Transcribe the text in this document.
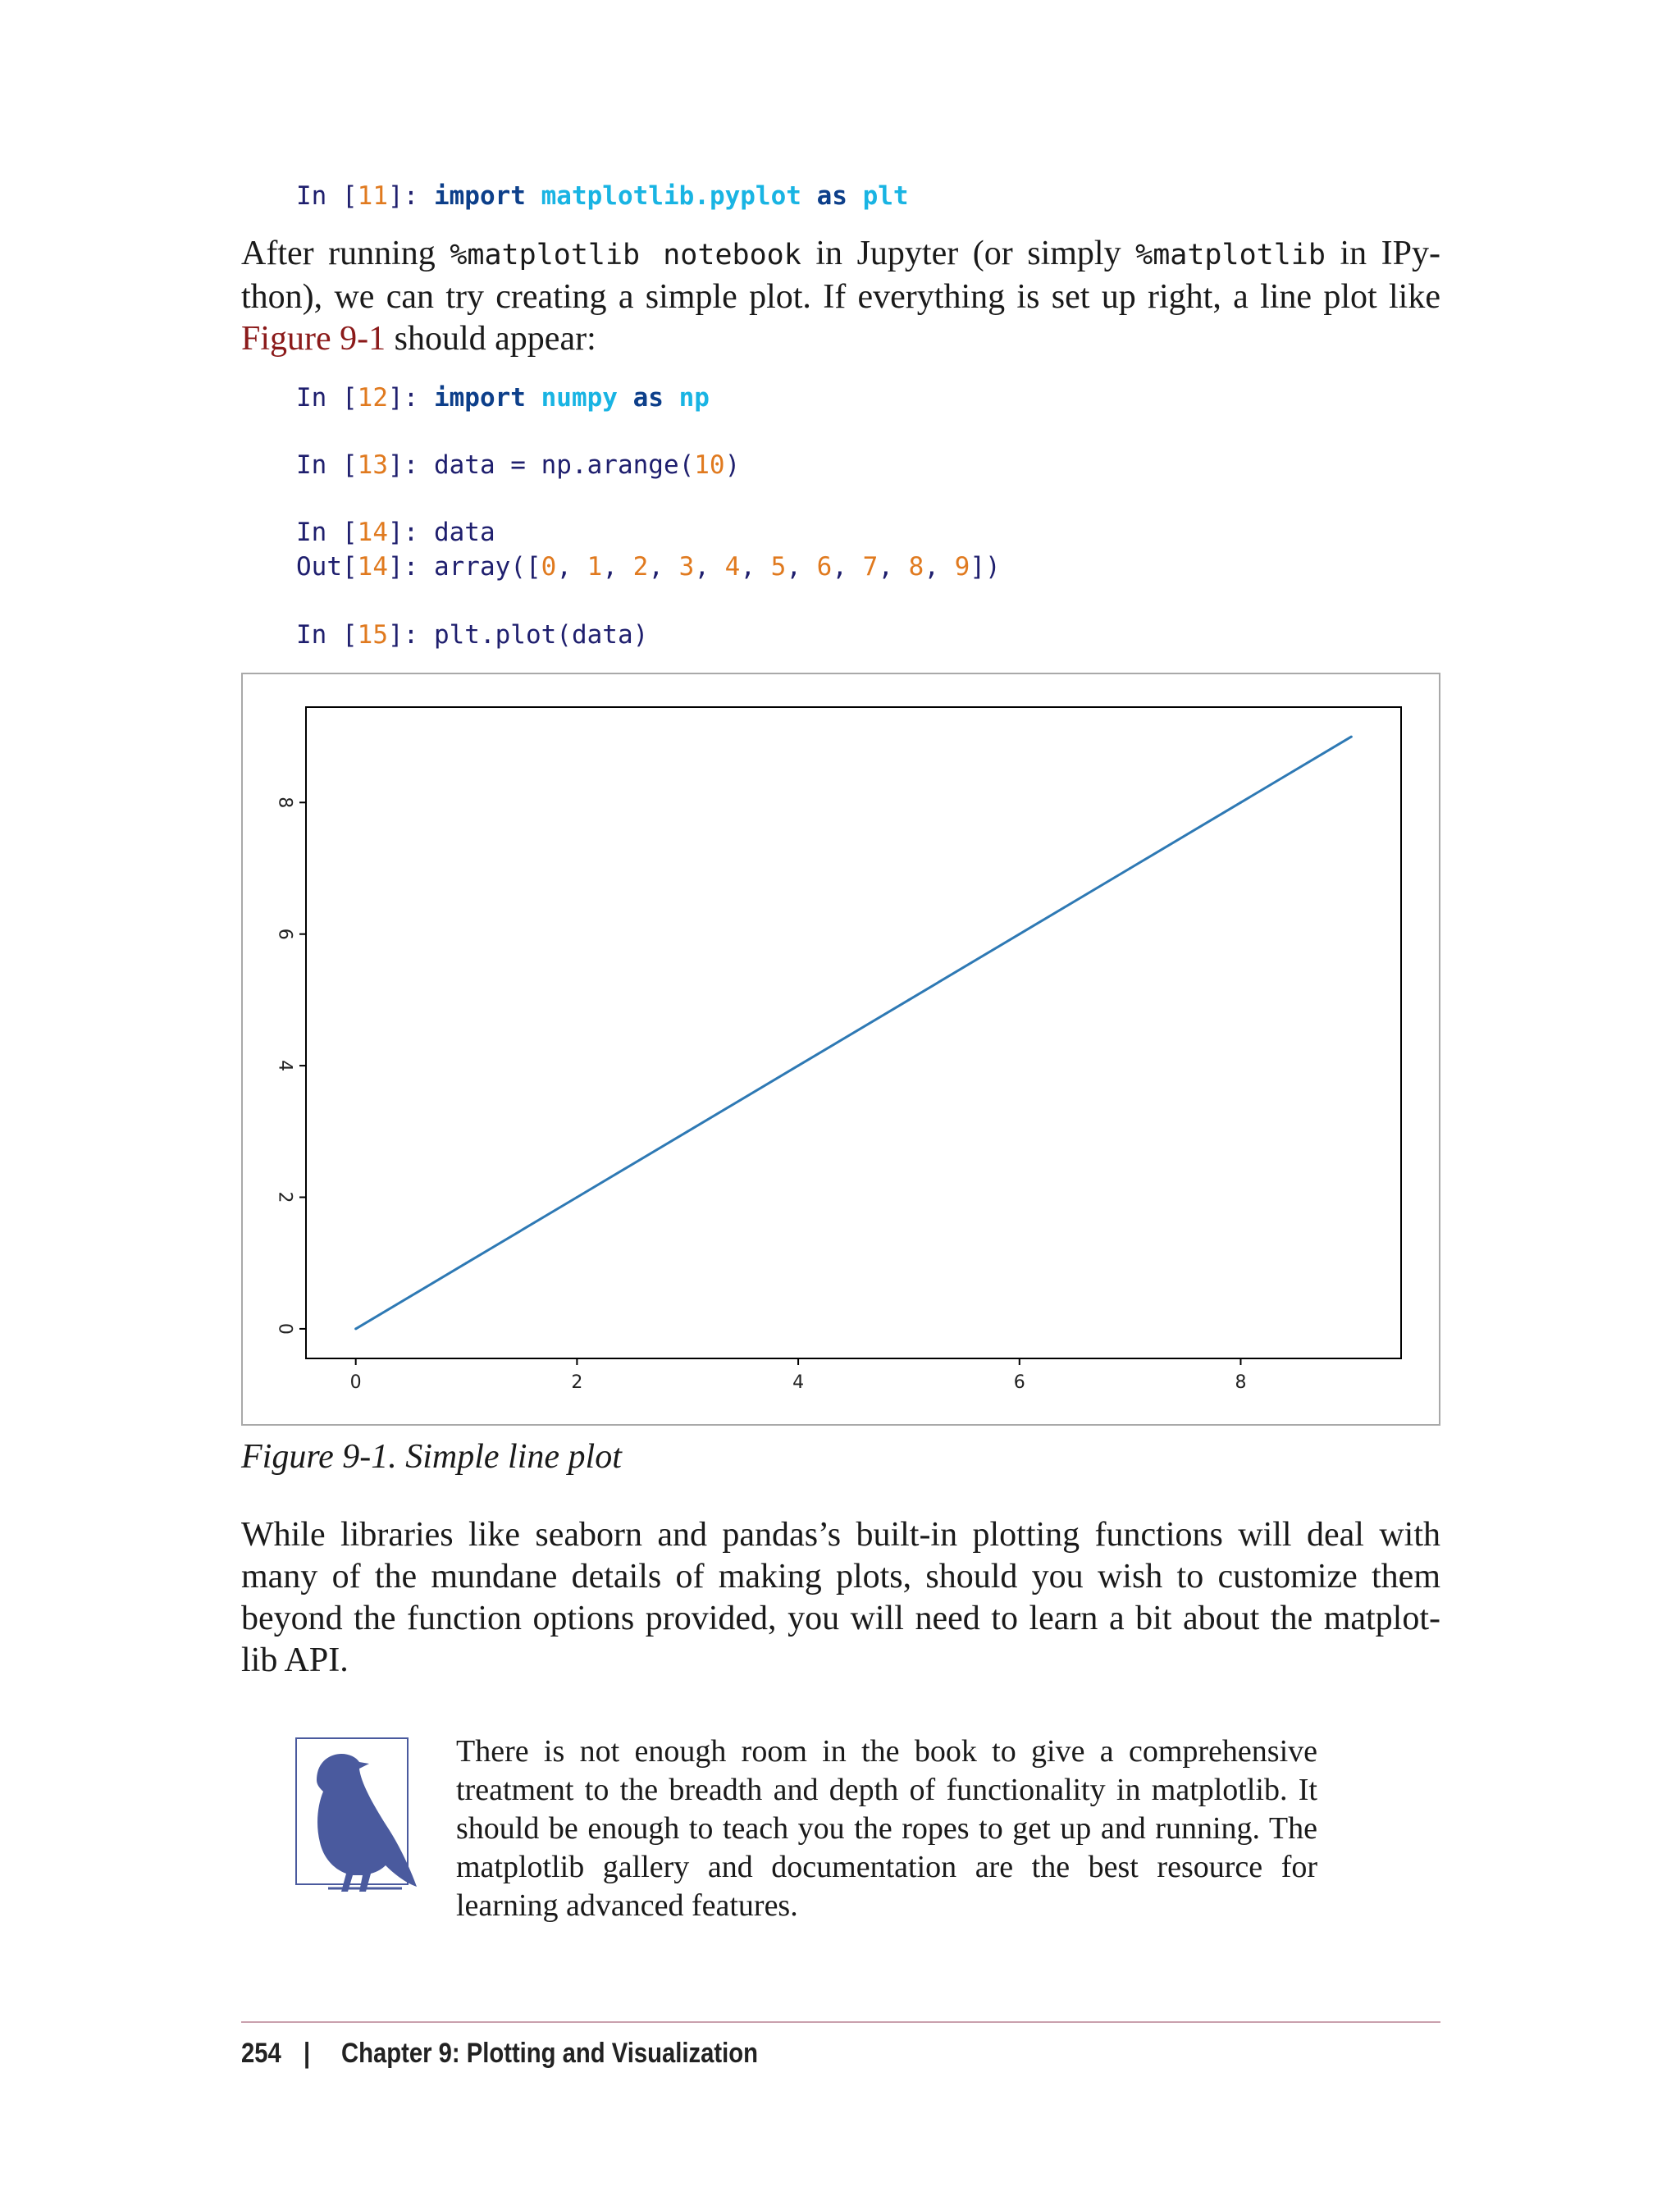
In [11]: import matplotlib.pyplot as plt

After running %matplotlib notebook in Jupyter (or simply %matplotlib in IPy-thon), we can try creating a simple plot. If everything is set up right, a line plot like Figure 9-1 should appear:

In [12]: import numpy as np
In [13]: data = np.arange(10)
In [14]: data
Out[14]: array([0, 1, 2, 3, 4, 5, 6, 7, 8, 9])
In [15]: plt.plot(data)
0	2	4	6	8
0
2
4
6
8
Figure 9-1. Simple line plot

While libraries like seaborn and pandas’s built-in plotting functions will deal with many of the mundane details of making plots, should you wish to customize them beyond the function options provided, you will need to learn a bit about the matplot-lib API.

There is not enough room in the book to give a comprehensive treatment to the breadth and depth of functionality in matplotlib. It should be enough to teach you the ropes to get up and running. The matplotlib gallery and documentation are the best resource for learning advanced features.

254 | Chapter 9: Plotting and Visualization
